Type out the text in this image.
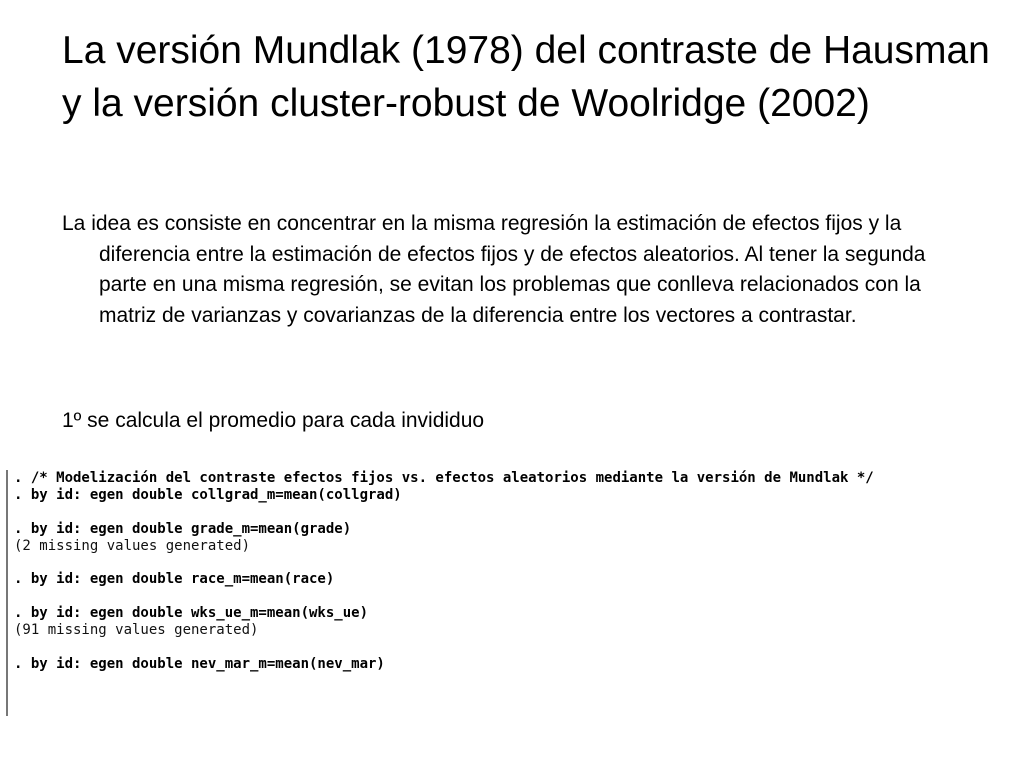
La versión Mundlak (1978) del contraste de Hausman y la versión cluster-robust de Woolridge (2002)

La idea es consiste en concentrar en la misma regresión la estimación de efectos fijos y la diferencia entre la estimación de efectos fijos y de efectos aleatorios. Al tener la segunda parte en una misma regresión, se evitan los problemas que conlleva relacionados con la matriz de varianzas y covarianzas de la diferencia entre los vectores a contrastar.

1º se calcula el promedio para cada invididuo

. /* Modelización del contraste efectos fijos vs. efectos aleatorios mediante la versión de Mundlak */
. by id: egen double collgrad_m=mean(collgrad)
. by id: egen double grade_m=mean(grade)
(2 missing values generated)
. by id: egen double race_m=mean(race)
. by id: egen double wks_ue_m=mean(wks_ue)
(91 missing values generated)
. by id: egen double nev_mar_m=mean(nev_mar)
